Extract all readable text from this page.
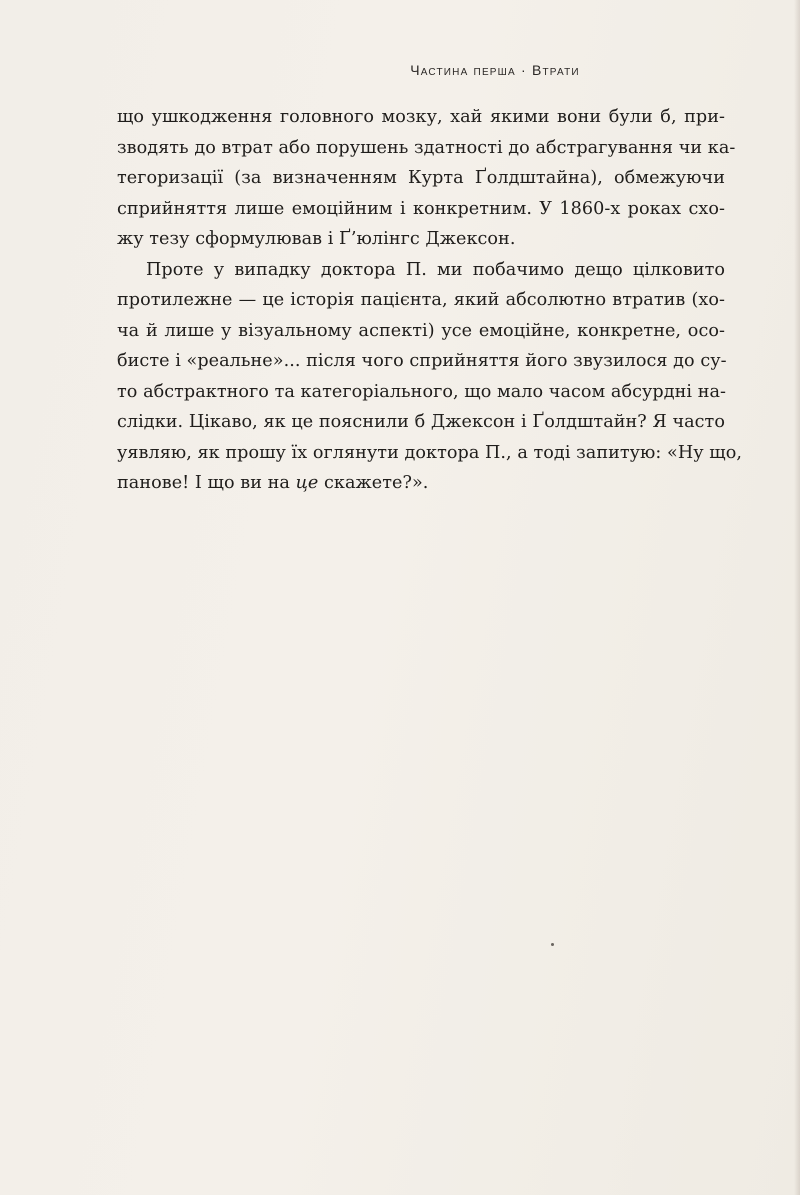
Частина перша · Втрати
що ушкодження головного мозку, хай якими вони були б, при-
зводять до втрат або порушень здатності до абстрагування чи ка-
тегоризації (за визначенням Курта Ґолдштайна), обмежуючи
сприйняття лише емоційним і конкретним. У 1860-х роках схо-
жу тезу сформулював і Ґ’юлінгс Джексон.
Проте у випадку доктора П. ми побачимо дещо цілковито
протилежне — це історія пацієнта, який абсолютно втратив (хо-
ча й лише у візуальному аспекті) усе емоційне, конкретне, осо-
бисте і «реальне»... після чого сприйняття його звузилося до су-
то абстрактного та категоріального, що мало часом абсурдні на-
слідки. Цікаво, як це пояснили б Джексон і Ґолдштайн? Я часто
уявляю, як прошу їх оглянути доктора П., а тоді запитую: «Ну що,
панове! І що ви на це скажете?».
